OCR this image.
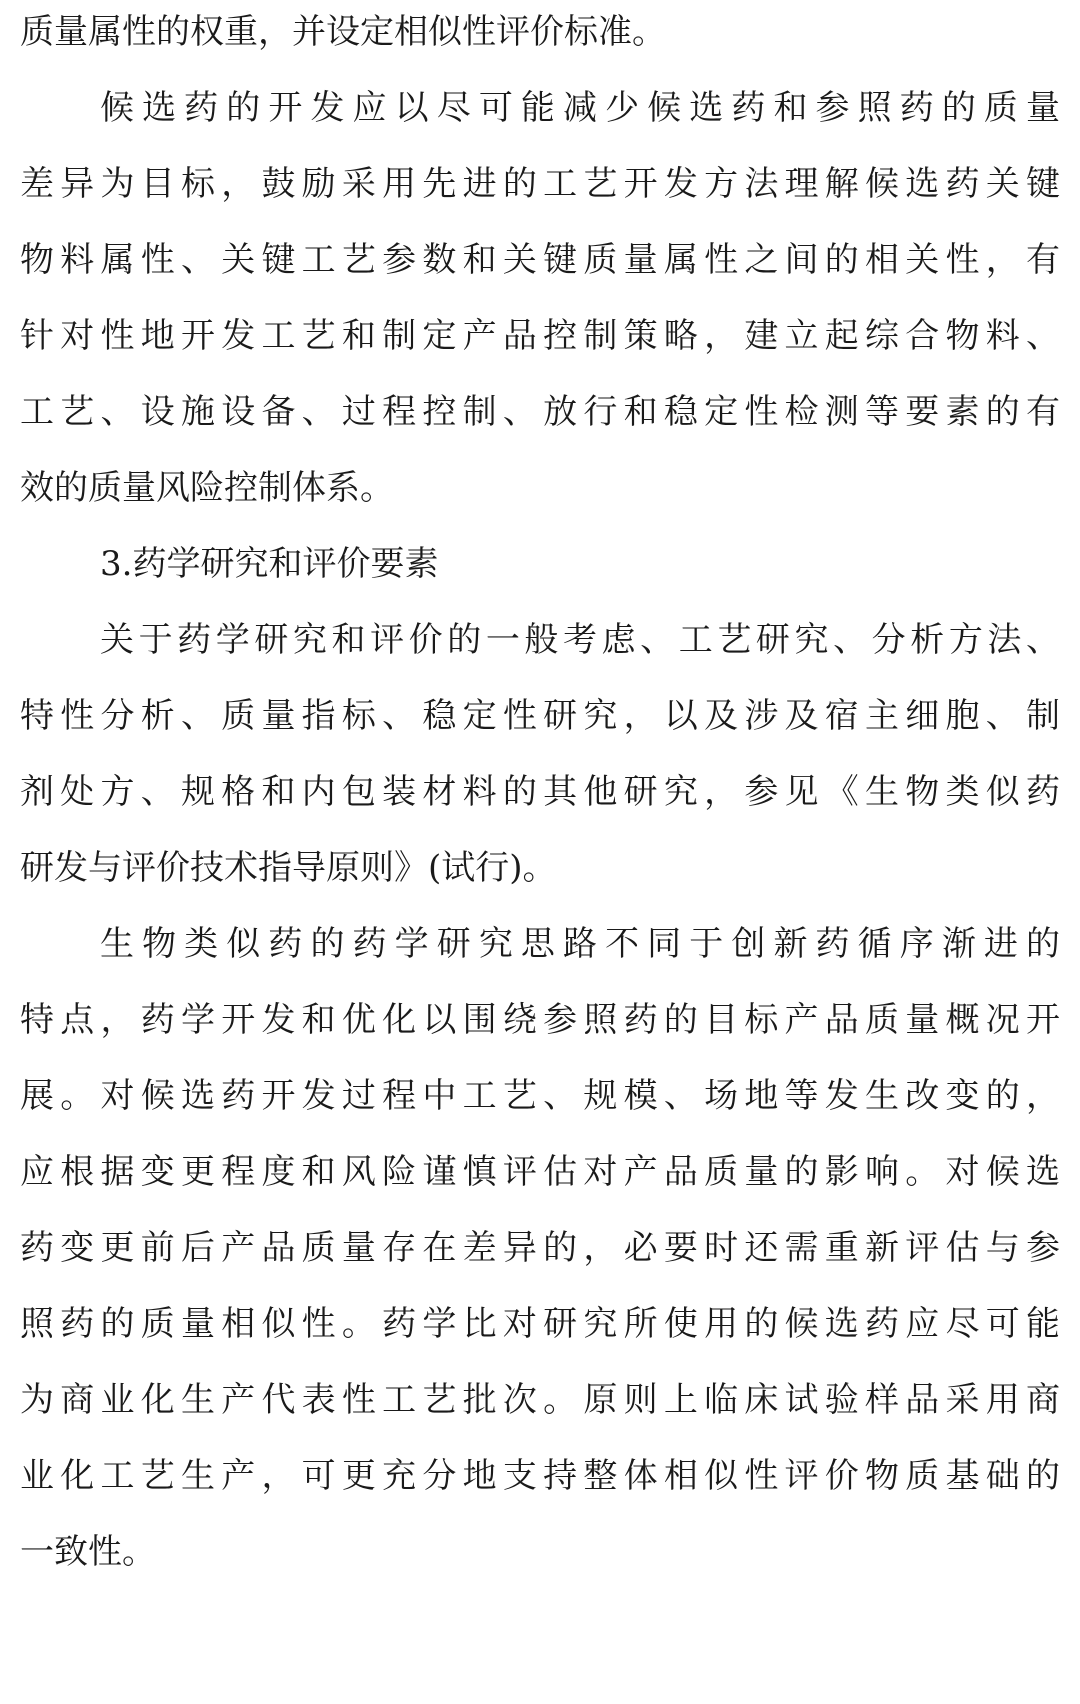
质量属性的权重，并设定相似性评价标准。
候选药的开发应以尽可能减少候选药和参照药的质量
差异为目标，鼓励采用先进的工艺开发方法理解候选药关键
物料属性、关键工艺参数和关键质量属性之间的相关性，有
针对性地开发工艺和制定产品控制策略，建立起综合物料、
工艺、设施设备、过程控制、放行和稳定性检测等要素的有
效的质量风险控制体系。
3.药学研究和评价要素
关于药学研究和评价的一般考虑、工艺研究、分析方法、
特性分析、质量指标、稳定性研究，以及涉及宿主细胞、制
剂处方、规格和内包装材料的其他研究，参见《生物类似药
研发与评价技术指导原则》(试行)。
生物类似药的药学研究思路不同于创新药循序渐进的
特点，药学开发和优化以围绕参照药的目标产品质量概况开
展。对候选药开发过程中工艺、规模、场地等发生改变的，
应根据变更程度和风险谨慎评估对产品质量的影响。对候选
药变更前后产品质量存在差异的，必要时还需重新评估与参
照药的质量相似性。药学比对研究所使用的候选药应尽可能
为商业化生产代表性工艺批次。原则上临床试验样品采用商
业化工艺生产，可更充分地支持整体相似性评价物质基础的
一致性。
